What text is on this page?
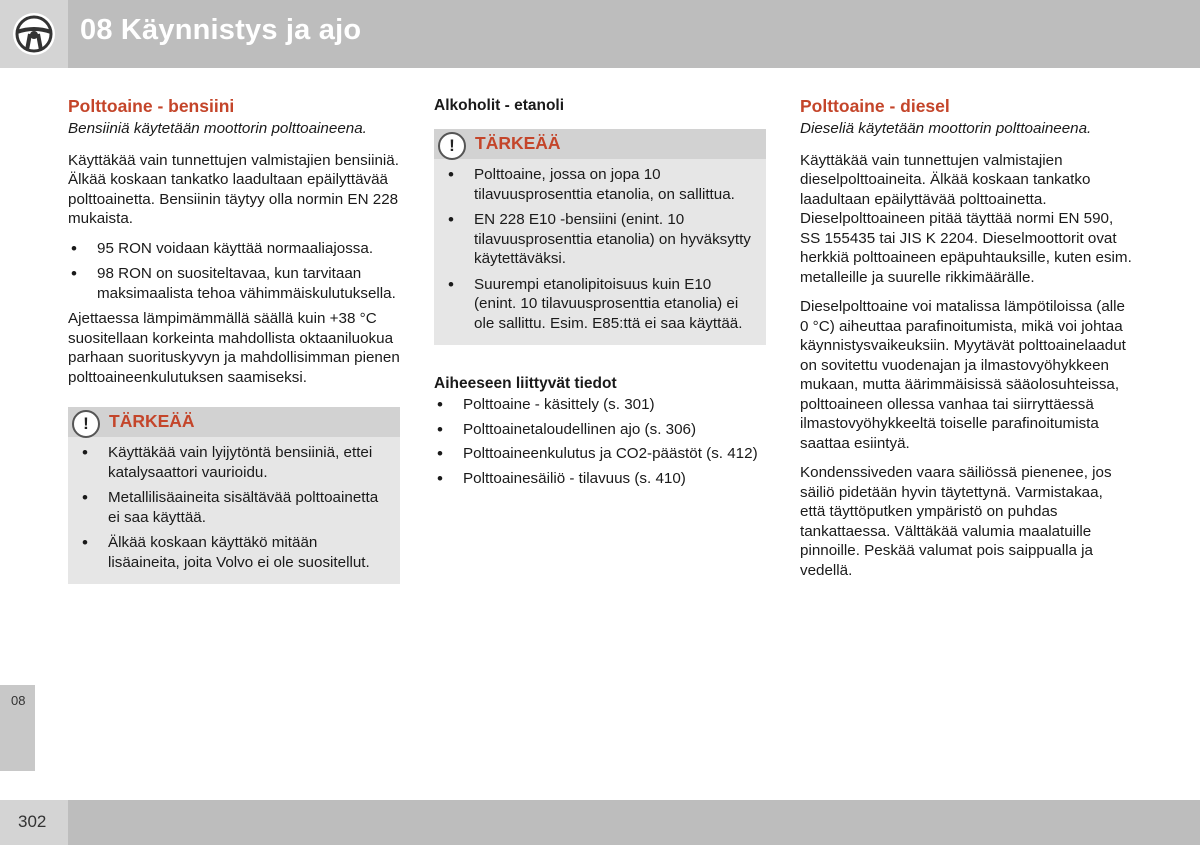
08 Käynnistys ja ajo
08
302
Polttoaine - bensiini

Bensiiniä käytetään moottorin polttoaineena.

Käyttäkää vain tunnettujen valmistajien bensiiniä. Älkää koskaan tankatko laadultaan epäilyttävää polttoainetta. Bensiinin täytyy olla normin EN 228 mukaista.

• 95 RON voidaan käyttää normaaliajossa.
• 98 RON on suositeltavaa, kun tarvitaan maksimaalista tehoa vähimmäiskulutuksella.

Ajettaessa lämpimämmällä säällä kuin +38 °C suositellaan korkeinta mahdollista oktaaniluokua parhaan suorituskyvyn ja mahdollisimman pienen polttoaineenkulutuksen saamiseksi.

!	TÄRKEÄÄ
• Käyttäkää vain lyijytöntä bensiiniä, ettei katalysaattori vaurioidu.
• Metallilisäaineita sisältävää polttoainetta ei saa käyttää.
• Älkää koskaan käyttäkö mitään lisäaineita, joita Volvo ei ole suositellut.
Alkoholit - etanoli
!	TÄRKEÄÄ
• Polttoaine, jossa on jopa 10 tilavuusprosenttia etanolia, on sallittua.
• EN 228 E10 -bensiini (enint. 10 tilavuusprosenttia etanolia) on hyväksytty käytettäväksi.
• Suurempi etanolipitoisuus kuin E10 (enint. 10 tilavuusprosenttia etanolia) ei ole sallittu. Esim. E85:ttä ei saa käyttää.
Aiheeseen liittyvät tiedot
• Polttoaine - käsittely (s. 301)
• Polttoainetaloudellinen ajo (s. 306)
• Polttoaineenkulutus ja CO2-päästöt (s. 412)
• Polttoainesäiliö - tilavuus (s. 410)
Polttoaine - diesel

Dieseliä käytetään moottorin polttoaineena.

Käyttäkää vain tunnettujen valmistajien dieselpolttoaineita. Älkää koskaan tankatko laadultaan epäilyttävää polttoainetta. Dieselpolttoaineen pitää täyttää normi EN 590, SS 155435 tai JIS K 2204. Dieselmoottorit ovat herkkiä polttoaineen epäpuhtauksille, kuten esim. metalleille ja suurelle rikkimäärälle.

Dieselpolttoaine voi matalissa lämpötiloissa (alle 0 °C) aiheuttaa parafinoitumista, mikä voi johtaa käynnistysvaikeuksiin. Myytävät polttoainelaadut on sovitettu vuodenajan ja ilmastovyöhykkeen mukaan, mutta äärimmäisissä sääolosuhteissa, polttoaineen ollessa vanhaa tai siirryttäessä ilmastovyöhykkeeltä toiselle parafinoitumista saattaa esiintyä.

Kondenssiveden vaara säiliössä pienenee, jos säiliö pidetään hyvin täytettynä. Varmistakaa, että täyttöputken ympäristö on puhdas tankattaessa. Välttäkää valumia maalatuille pinnoille. Peskää valumat pois saippualla ja vedellä.
